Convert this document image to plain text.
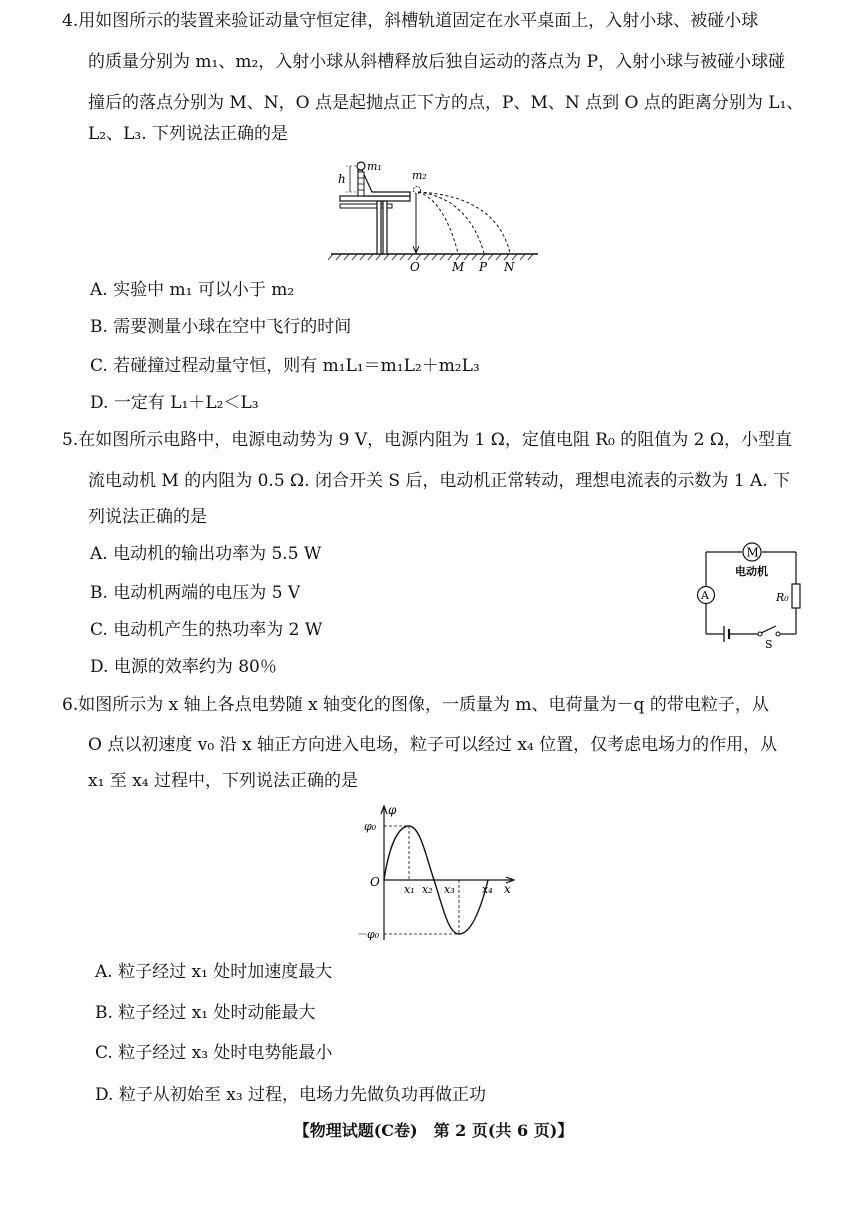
4.用如图所示的装置来验证动量守恒定律，斜槽轨道固定在水平桌面上，入射小球、被碰小球
的质量分别为 m₁、m₂，入射小球从斜槽释放后独自运动的落点为 P，入射小球与被碰小球碰
撞后的落点分别为 M、N，O 点是起抛点正下方的点，P、M、N 点到 O 点的距离分别为 L₁、
L₂、L₃. 下列说法正确的是
h
m₁
m₂
O	M P N
A. 实验中 m₁ 可以小于 m₂
B. 需要测量小球在空中飞行的时间
C. 若碰撞过程动量守恒，则有 m₁L₁＝m₁L₂＋m₂L₃
D. 一定有 L₁＋L₂＜L₃
5.在如图所示电路中，电源电动势为 9 V，电源内阻为 1 Ω，定值电阻 R₀ 的阻值为 2 Ω，小型直
流电动机 M 的内阻为 0.5 Ω. 闭合开关 S 后，电动机正常转动，理想电流表的示数为 1 A. 下
列说法正确的是
M
电动机
A	R₀
S
A. 电动机的输出功率为 5.5 W
B. 电动机两端的电压为 5 V
C. 电动机产生的热功率为 2 W
D. 电源的效率约为 80％
6.如图所示为 x 轴上各点电势随 x 轴变化的图像，一质量为 m、电荷量为－q 的带电粒子，从
O 点以初速度 v₀ 沿 x 轴正方向进入电场，粒子可以经过 x₄ 位置，仅考虑电场力的作用，从
x₁ 至 x₄ 过程中，下列说法正确的是
φ
φ₀
－φ₀
O
x₁ x₂ x₃ x₄ x
A. 粒子经过 x₁ 处时加速度最大
B. 粒子经过 x₁ 处时动能最大
C. 粒子经过 x₃ 处时电势能最小
D. 粒子从初始至 x₃ 过程，电场力先做负功再做正功
【物理试题(C卷)　第 2 页(共 6 页)】
